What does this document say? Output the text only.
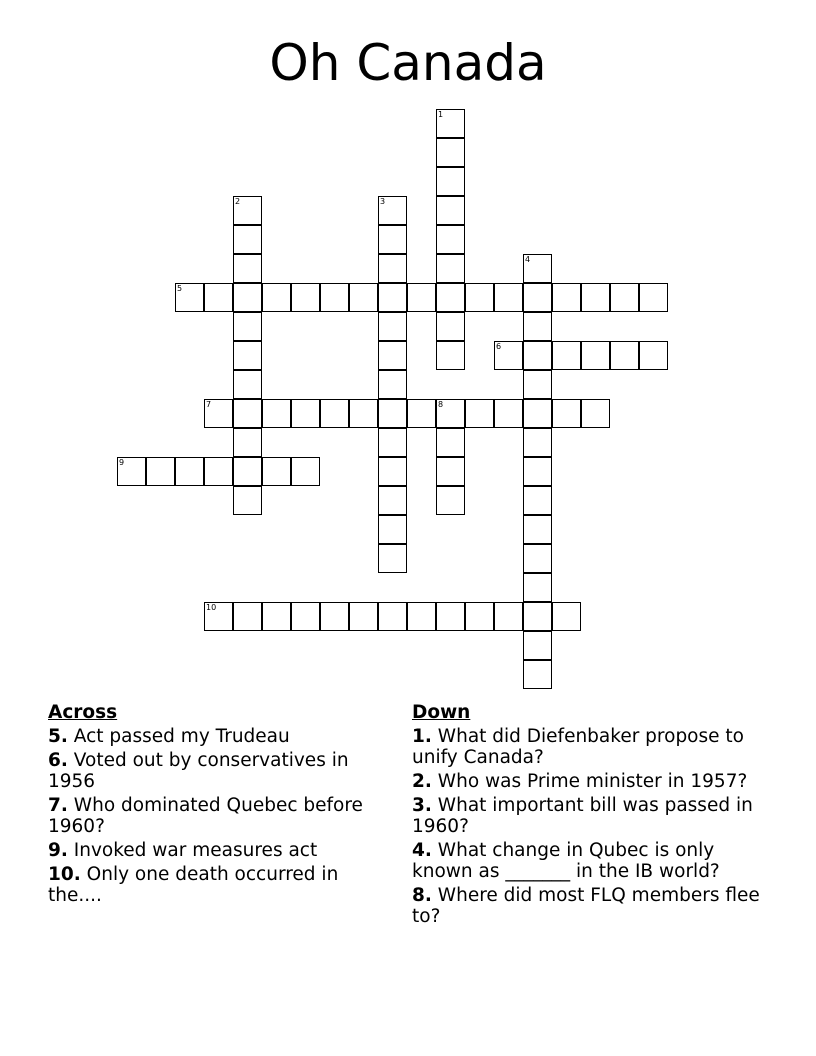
Oh Canada
1
2	3
4
5
6
7	8
9
10
Across
5. Act passed my Trudeau
6. Voted out by conservatives in 1956
7. Who dominated Quebec before 1960?
9. Invoked war measures act
10. Only one death occurred in the....
Down
1. What did Diefenbaker propose to unify Canada?
2. Who was Prime minister in 1957?
3. What important bill was passed in 1960?
4. What change in Qubec is only known as _______ in the IB world?
8. Where did most FLQ members flee to?
